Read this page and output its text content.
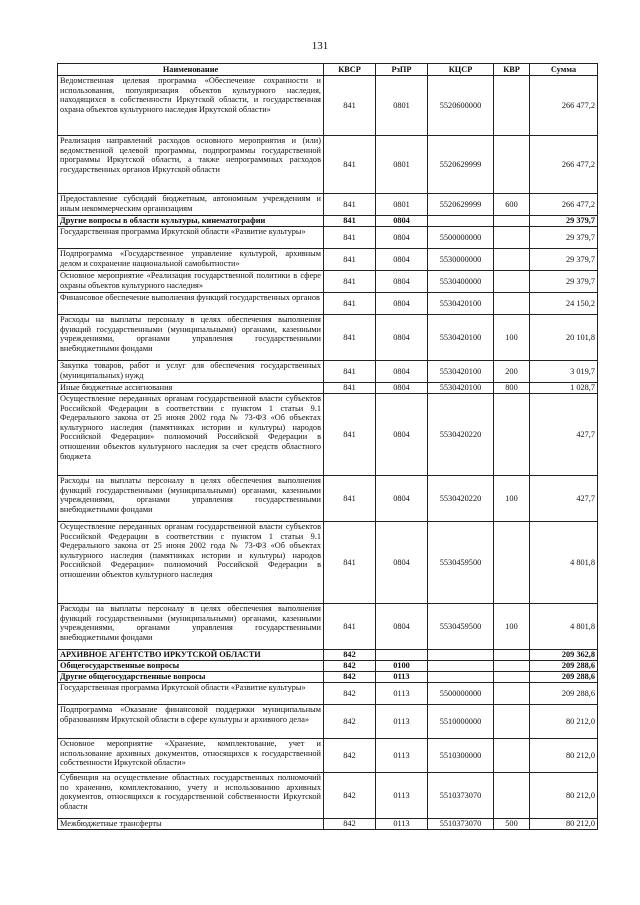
131
Наименование	КВСР	РзПР	КЦСР	КВР	Сумма
Ведомственная целевая программа «Обеспечение сохранности и использования, популяризация объектов культурного наследия, находящихся в собственности Иркутской области, и государственная охрана объектов культурного наследия Иркутской области»	841	0801	5520600000		266 477,2
Реализация направлений расходов основного мероприятия и (или) ведомственной целевой программы, подпрограммы государственной программы Иркутской области, а также непрограммных расходов государственных органов Иркутской области	841	0801	5520629999		266 477,2
Предоставление субсидий бюджетным, автономным учреждениям и иным некоммерческим организациям	841	0801	5520629999	600	266 477,2
Другие вопросы в области культуры, кинематографии	841	0804			29 379,7
Государственная программа Иркутской области «Развитие культуры»	841	0804	5500000000		29 379,7
Подпрограмма «Государственное управление культурой, архивным делом и сохранение национальной самобытности»	841	0804	5530000000		29 379,7
Основное мероприятие «Реализация государственной политики в сфере охраны объектов культурного наследия»	841	0804	5530400000		29 379,7
Финансовое обеспечение выполнения функций государственных органов	841	0804	5530420100		24 150,2
Расходы на выплаты персоналу в целях обеспечения выполнения функций государственными (муниципальными) органами, казенными учреждениями, органами управления государственными внебюджетными фондами	841	0804	5530420100	100	20 101,8
Закупка товаров, работ и услуг для обеспечения государственных (муниципальных) нужд	841	0804	5530420100	200	3 019,7
Иные бюджетные ассигнования	841	0804	5530420100	800	1 028,7
Осуществление переданных органам государственной власти субъектов Российской Федерации в соответствии с пунктом 1 статьи 9.1 Федерального закона от 25 июня 2002 года № 73-ФЗ «Об объектах культурного наследия (памятниках истории и культуры) народов Российской Федерации» полномочий Российской Федерации в отношении объектов культурного наследия за счет средств областного бюджета	841	0804	5530420220		427,7
Расходы на выплаты персоналу в целях обеспечения выполнения функций государственными (муниципальными) органами, казенными учреждениями, органами управления государственными внебюджетными фондами	841	0804	5530420220	100	427,7
Осуществление переданных органам государственной власти субъектов Российской Федерации в соответствии с пунктом 1 статьи 9.1 Федерального закона от 25 июня 2002 года № 73-ФЗ «Об объектах культурного наследия (памятниках истории и культуры) народов Российской Федерации» полномочий Российской Федерации в отношении объектов культурного наследия	841	0804	5530459500		4 801,8
Расходы на выплаты персоналу в целях обеспечения выполнения функций государственными (муниципальными) органами, казенными учреждениями, органами управления государственными внебюджетными фондами	841	0804	5530459500	100	4 801,8
АРХИВНОЕ АГЕНТСТВО ИРКУТСКОЙ ОБЛАСТИ	842				209 362,8
Общегосударственные вопросы	842	0100			209 288,6
Другие общегосударственные вопросы	842	0113			209 288,6
Государственная программа Иркутской области «Развитие культуры»	842	0113	5500000000		209 288,6
Подпрограмма «Оказание финансовой поддержки муниципальным образованиям Иркутской области в сфере культуры и архивного дела»	842	0113	5510000000		80 212,0
Основное мероприятие «Хранение, комплектование, учет и использование архивных документов, относящихся к государственной собственности Иркутской области»	842	0113	5510300000		80 212,0
Субвенция на осуществление областных государственных полномочий по хранению, комплектованию, учету и использованию архивных документов, относящихся к государственной собственности Иркутской области	842	0113	5510373070		80 212,0
Межбюджетные трансферты	842	0113	5510373070	500	80 212,0
